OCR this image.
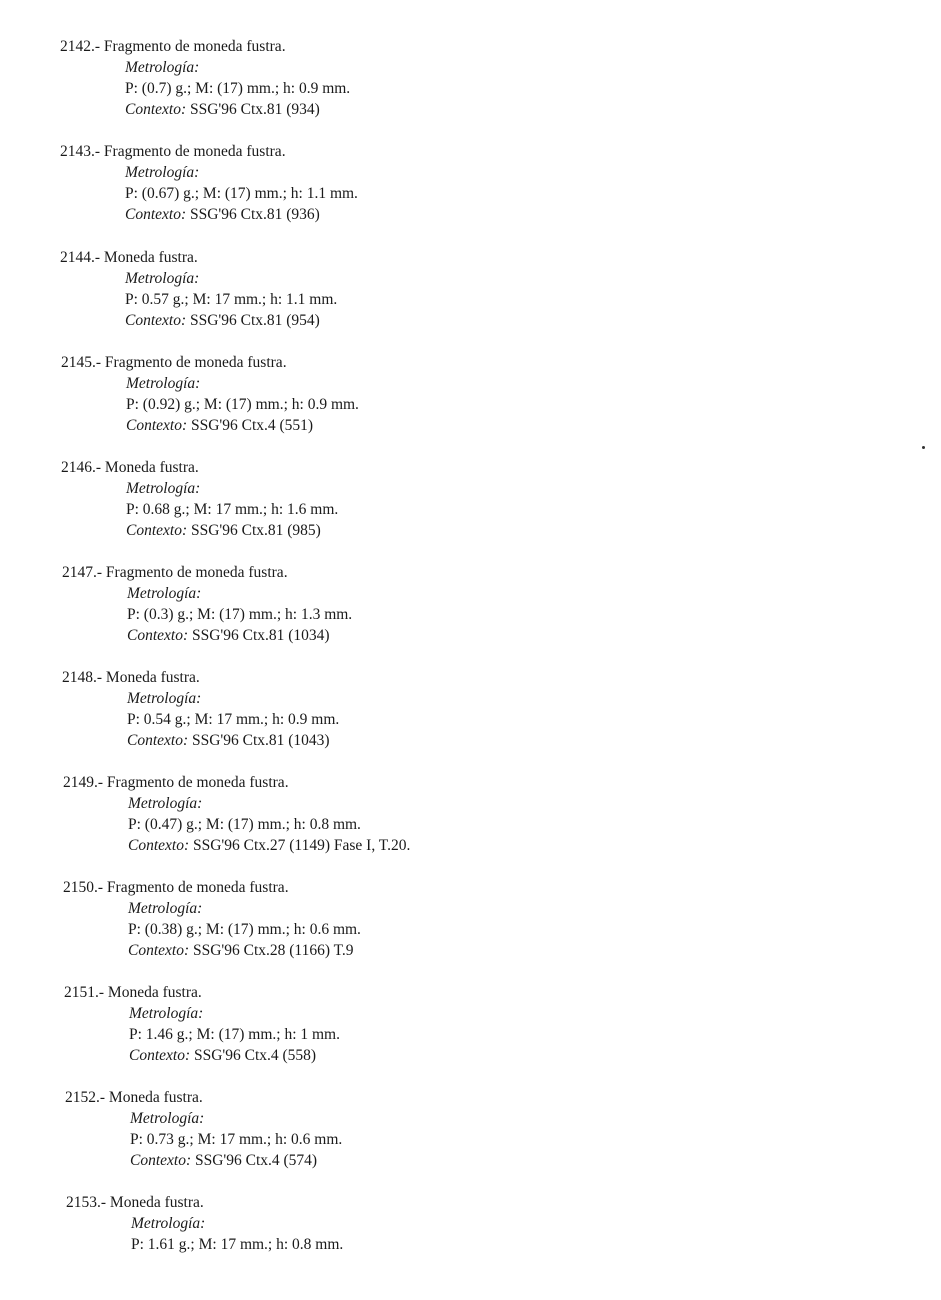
2142.- Fragmento de moneda fustra.
Metrología:
P: (0.7) g.; M: (17) mm.; h: 0.9 mm.
Contexto: SSG'96 Ctx.81 (934)
2143.- Fragmento de moneda fustra.
Metrología:
P: (0.67) g.; M: (17) mm.; h: 1.1 mm.
Contexto: SSG'96 Ctx.81 (936)
2144.- Moneda fustra.
Metrología:
P: 0.57 g.; M: 17 mm.; h: 1.1 mm.
Contexto: SSG'96 Ctx.81 (954)
2145.- Fragmento de moneda fustra.
Metrología:
P: (0.92) g.; M: (17) mm.; h: 0.9 mm.
Contexto: SSG'96 Ctx.4 (551)
2146.- Moneda fustra.
Metrología:
P: 0.68 g.; M: 17 mm.; h: 1.6 mm.
Contexto: SSG'96 Ctx.81 (985)
2147.- Fragmento de moneda fustra.
Metrología:
P: (0.3) g.; M: (17) mm.; h: 1.3 mm.
Contexto: SSG'96 Ctx.81 (1034)
2148.- Moneda fustra.
Metrología:
P: 0.54 g.; M: 17 mm.; h: 0.9 mm.
Contexto: SSG'96 Ctx.81 (1043)
2149.- Fragmento de moneda fustra.
Metrología:
P: (0.47) g.; M: (17) mm.; h: 0.8 mm.
Contexto: SSG'96 Ctx.27 (1149) Fase I, T.20.
2150.- Fragmento de moneda fustra.
Metrología:
P: (0.38) g.; M: (17) mm.; h: 0.6 mm.
Contexto: SSG'96 Ctx.28 (1166) T.9
2151.- Moneda fustra.
Metrología:
P: 1.46 g.; M: (17) mm.; h: 1 mm.
Contexto: SSG'96 Ctx.4 (558)
2152.- Moneda fustra.
Metrología:
P: 0.73 g.; M: 17 mm.; h: 0.6 mm.
Contexto: SSG'96 Ctx.4 (574)
2153.- Moneda fustra.
Metrología:
P: 1.61 g.; M: 17 mm.; h: 0.8 mm.
